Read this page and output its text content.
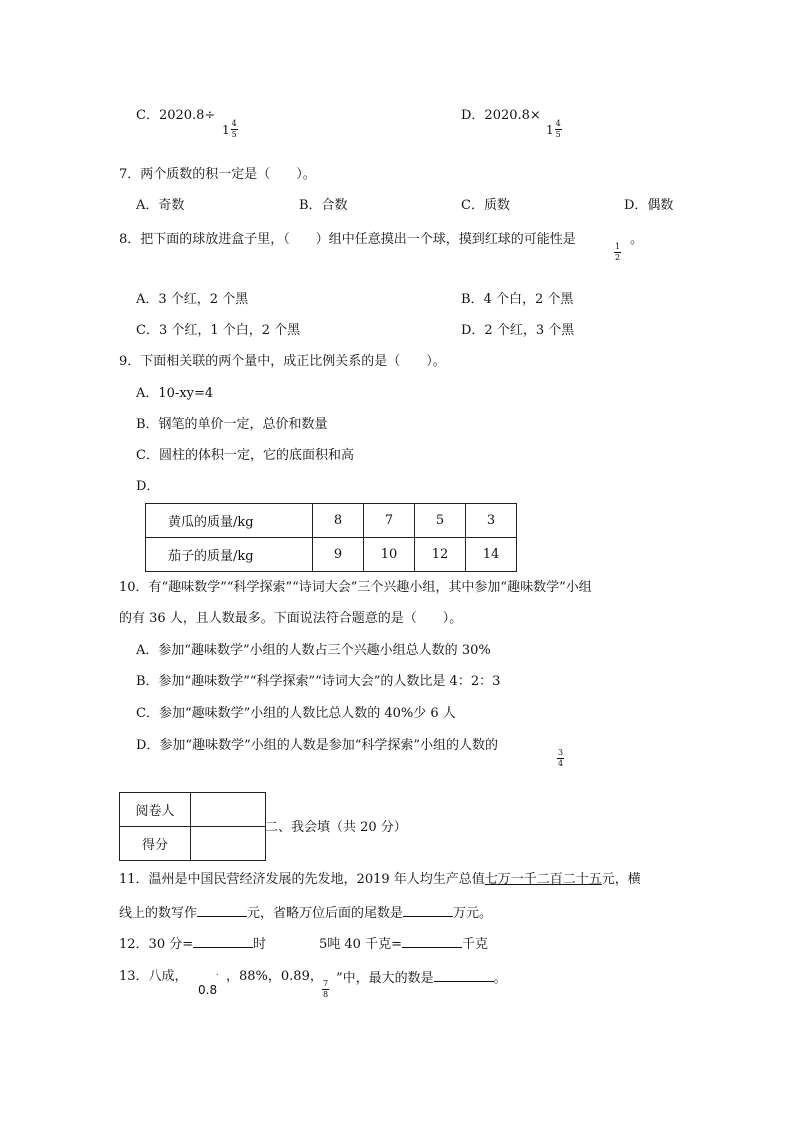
C．2020.8÷
$1 \frac{4}{5}$
D．2020.8×
$1 \frac{4}{5}$
7．两个质数的积一定是（　　）。
A．奇数	B．合数	C．质数	D．偶数
8．把下面的球放进盒子里，（　　）组中任意摸出一个球，摸到红球的可能性是	1
2
。
A．3 个红，2 个黑	B．4 个白，2 个黑
C．3 个红，1 个白，2 个黑	D．2 个红，3 个黑
9．下面相关联的两个量中，成正比例关系的是（　　）。
A．10-xy=4
B．钢笔的单价一定，总价和数量
C．圆柱的体积一定，它的底面积和高
D．
黄瓜的质量/kg	8	7	5	3
茄子的质量/kg	9	10	12	14
10．有“趣味数学”“科学探索”“诗词大会”三个兴趣小组，其中参加“趣味数学”小组
的有 36 人，且人数最多。下面说法符合题意的是（　　）。
A．参加“趣味数学”小组的人数占三个兴趣小组总人数的 30%
B．参加“趣味数学”“科学探索”“诗词大会”的人数比是 4：2：3
C．参加“趣味数学”小组的人数比总人数的 40%少 6 人
D．参加“趣味数学”小组的人数是参加“科学探索”小组的人数的	3
4
阅卷人	
得分	
二、我会填（共 20 分）
11．温州是中国民营经济发展的先发地，2019 年人均生产总值七万一千二百二十五元，横
线上的数写作	元，省略万位后面的尾数是	万元。
12．30 分=	时	5吨 40 千克=	千克
13．八成，	.
0.8
，88%，0.89， 7
8
”中，最大的数是	。
